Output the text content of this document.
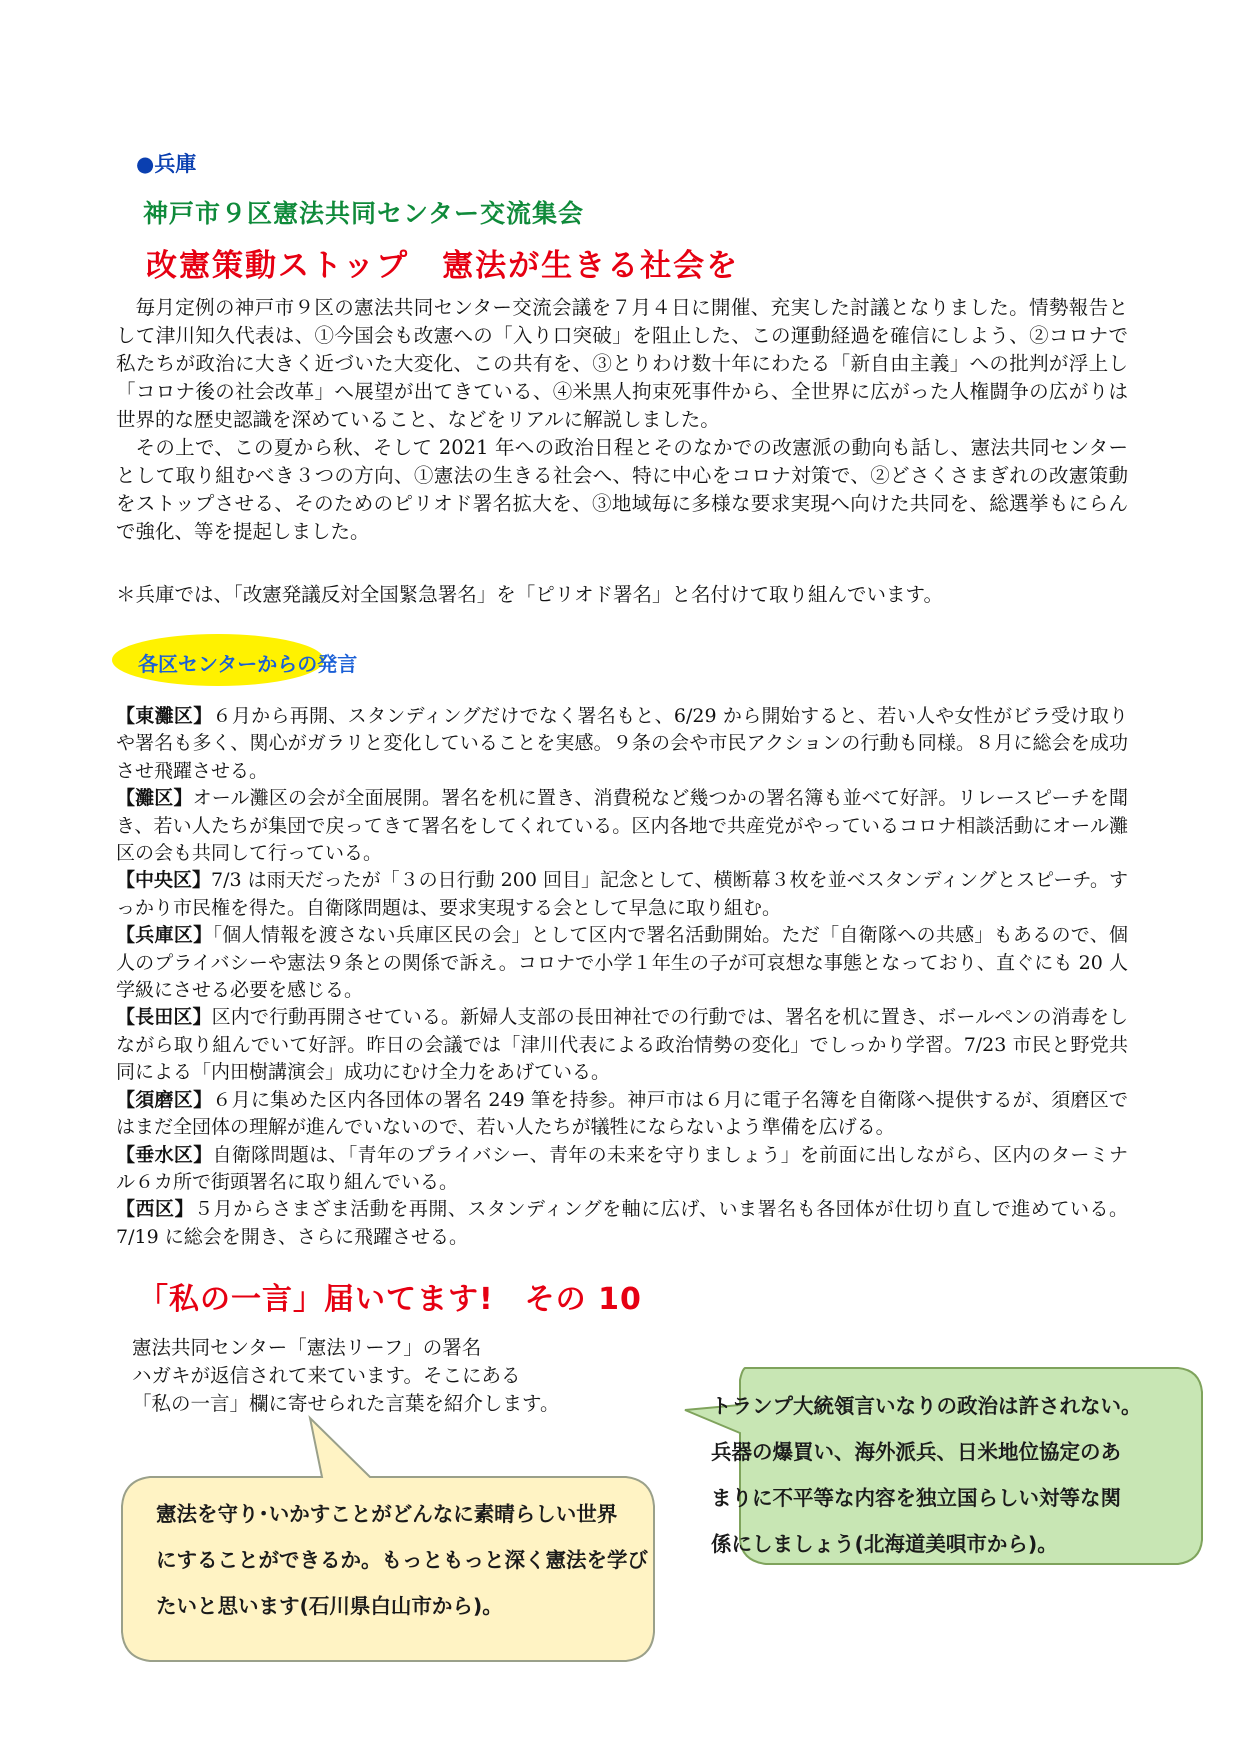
●兵庫
神戸市９区憲法共同センター交流集会
改憲策動ストップ　憲法が生きる社会を

毎月定例の神戸市９区の憲法共同センター交流会議を７月４日に開催、充実した討議となりました。情勢報告として津川知久代表は、①今国会も改憲への「入り口突破」を阻止した、この運動経過を確信にしよう、②コロナで私たちが政治に大きく近づいた大変化、この共有を、③とりわけ数十年にわたる「新自由主義」への批判が浮上し「コロナ後の社会改革」へ展望が出てきている、④米黒人拘束死事件から、全世界に広がった人権闘争の広がりは世界的な歴史認識を深めていること、などをリアルに解説しました。

その上で、この夏から秋、そして 2021 年への政治日程とそのなかでの改憲派の動向も話し、憲法共同センターとして取り組むべき３つの方向、①憲法の生きる社会へ、特に中心をコロナ対策で、②どさくさまぎれの改憲策動をストップさせる、そのためのピリオド署名拡大を、③地域毎に多様な要求実現へ向けた共同を、総選挙もにらんで強化、等を提起しました。

＊兵庫では、「改憲発議反対全国緊急署名」を「ピリオド署名」と名付けて取り組んでいます。
各区センターからの発言
【東灘区】６月から再開、スタンディングだけでなく署名もと、6/29 から開始すると、若い人や女性がビラ受け取りや署名も多く、関心がガラリと変化していることを実感。９条の会や市民アクションの行動も同様。８月に総会を成功させ飛躍させる。
【灘区】オール灘区の会が全面展開。署名を机に置き、消費税など幾つかの署名簿も並べて好評。リレースピーチを聞き、若い人たちが集団で戻ってきて署名をしてくれている。区内各地で共産党がやっているコロナ相談活動にオール灘区の会も共同して行っている。
【中央区】7/3 は雨天だったが「３の日行動 200 回目」記念として、横断幕３枚を並べスタンディングとスピーチ。すっかり市民権を得た。自衛隊問題は、要求実現する会として早急に取り組む。
【兵庫区】「個人情報を渡さない兵庫区民の会」として区内で署名活動開始。ただ「自衛隊への共感」もあるので、個人のプライバシーや憲法９条との関係で訴え。コロナで小学１年生の子が可哀想な事態となっており、直ぐにも 20 人学級にさせる必要を感じる。
【長田区】区内で行動再開させている。新婦人支部の長田神社での行動では、署名を机に置き、ボールペンの消毒をしながら取り組んでいて好評。昨日の会議では「津川代表による政治情勢の変化」でしっかり学習。7/23 市民と野党共同による「内田樹講演会」成功にむけ全力をあげている。
【須磨区】６月に集めた区内各団体の署名 249 筆を持参。神戸市は６月に電子名簿を自衛隊へ提供するが、須磨区ではまだ全団体の理解が進んでいないので、若い人たちが犠牲にならないよう準備を広げる。
【垂水区】自衛隊問題は、「青年のプライバシー、青年の未来を守りましょう」を前面に出しながら、区内のターミナル６カ所で街頭署名に取り組んでいる。
【西区】５月からさまざま活動を再開、スタンディングを軸に広げ、いま署名も各団体が仕切り直しで進めている。7/19 に総会を開き、さらに飛躍させる。
「私の一言」届いてます!　その 10
憲法共同センター「憲法リーフ」の署名
ハガキが返信されて来ています。そこにある
「私の一言」欄に寄せられた言葉を紹介します。	トランプ大統領言いなりの政治は許されない。
兵器の爆買い、海外派兵、日米地位協定のあ
まりに不平等な内容を独立国らしい対等な関
係にしましょう(北海道美唄市から)。
憲法を守り･いかすことがどんなに素晴らしい世界
にすることができるか。もっともっと深く憲法を学び
たいと思います(石川県白山市から)。
